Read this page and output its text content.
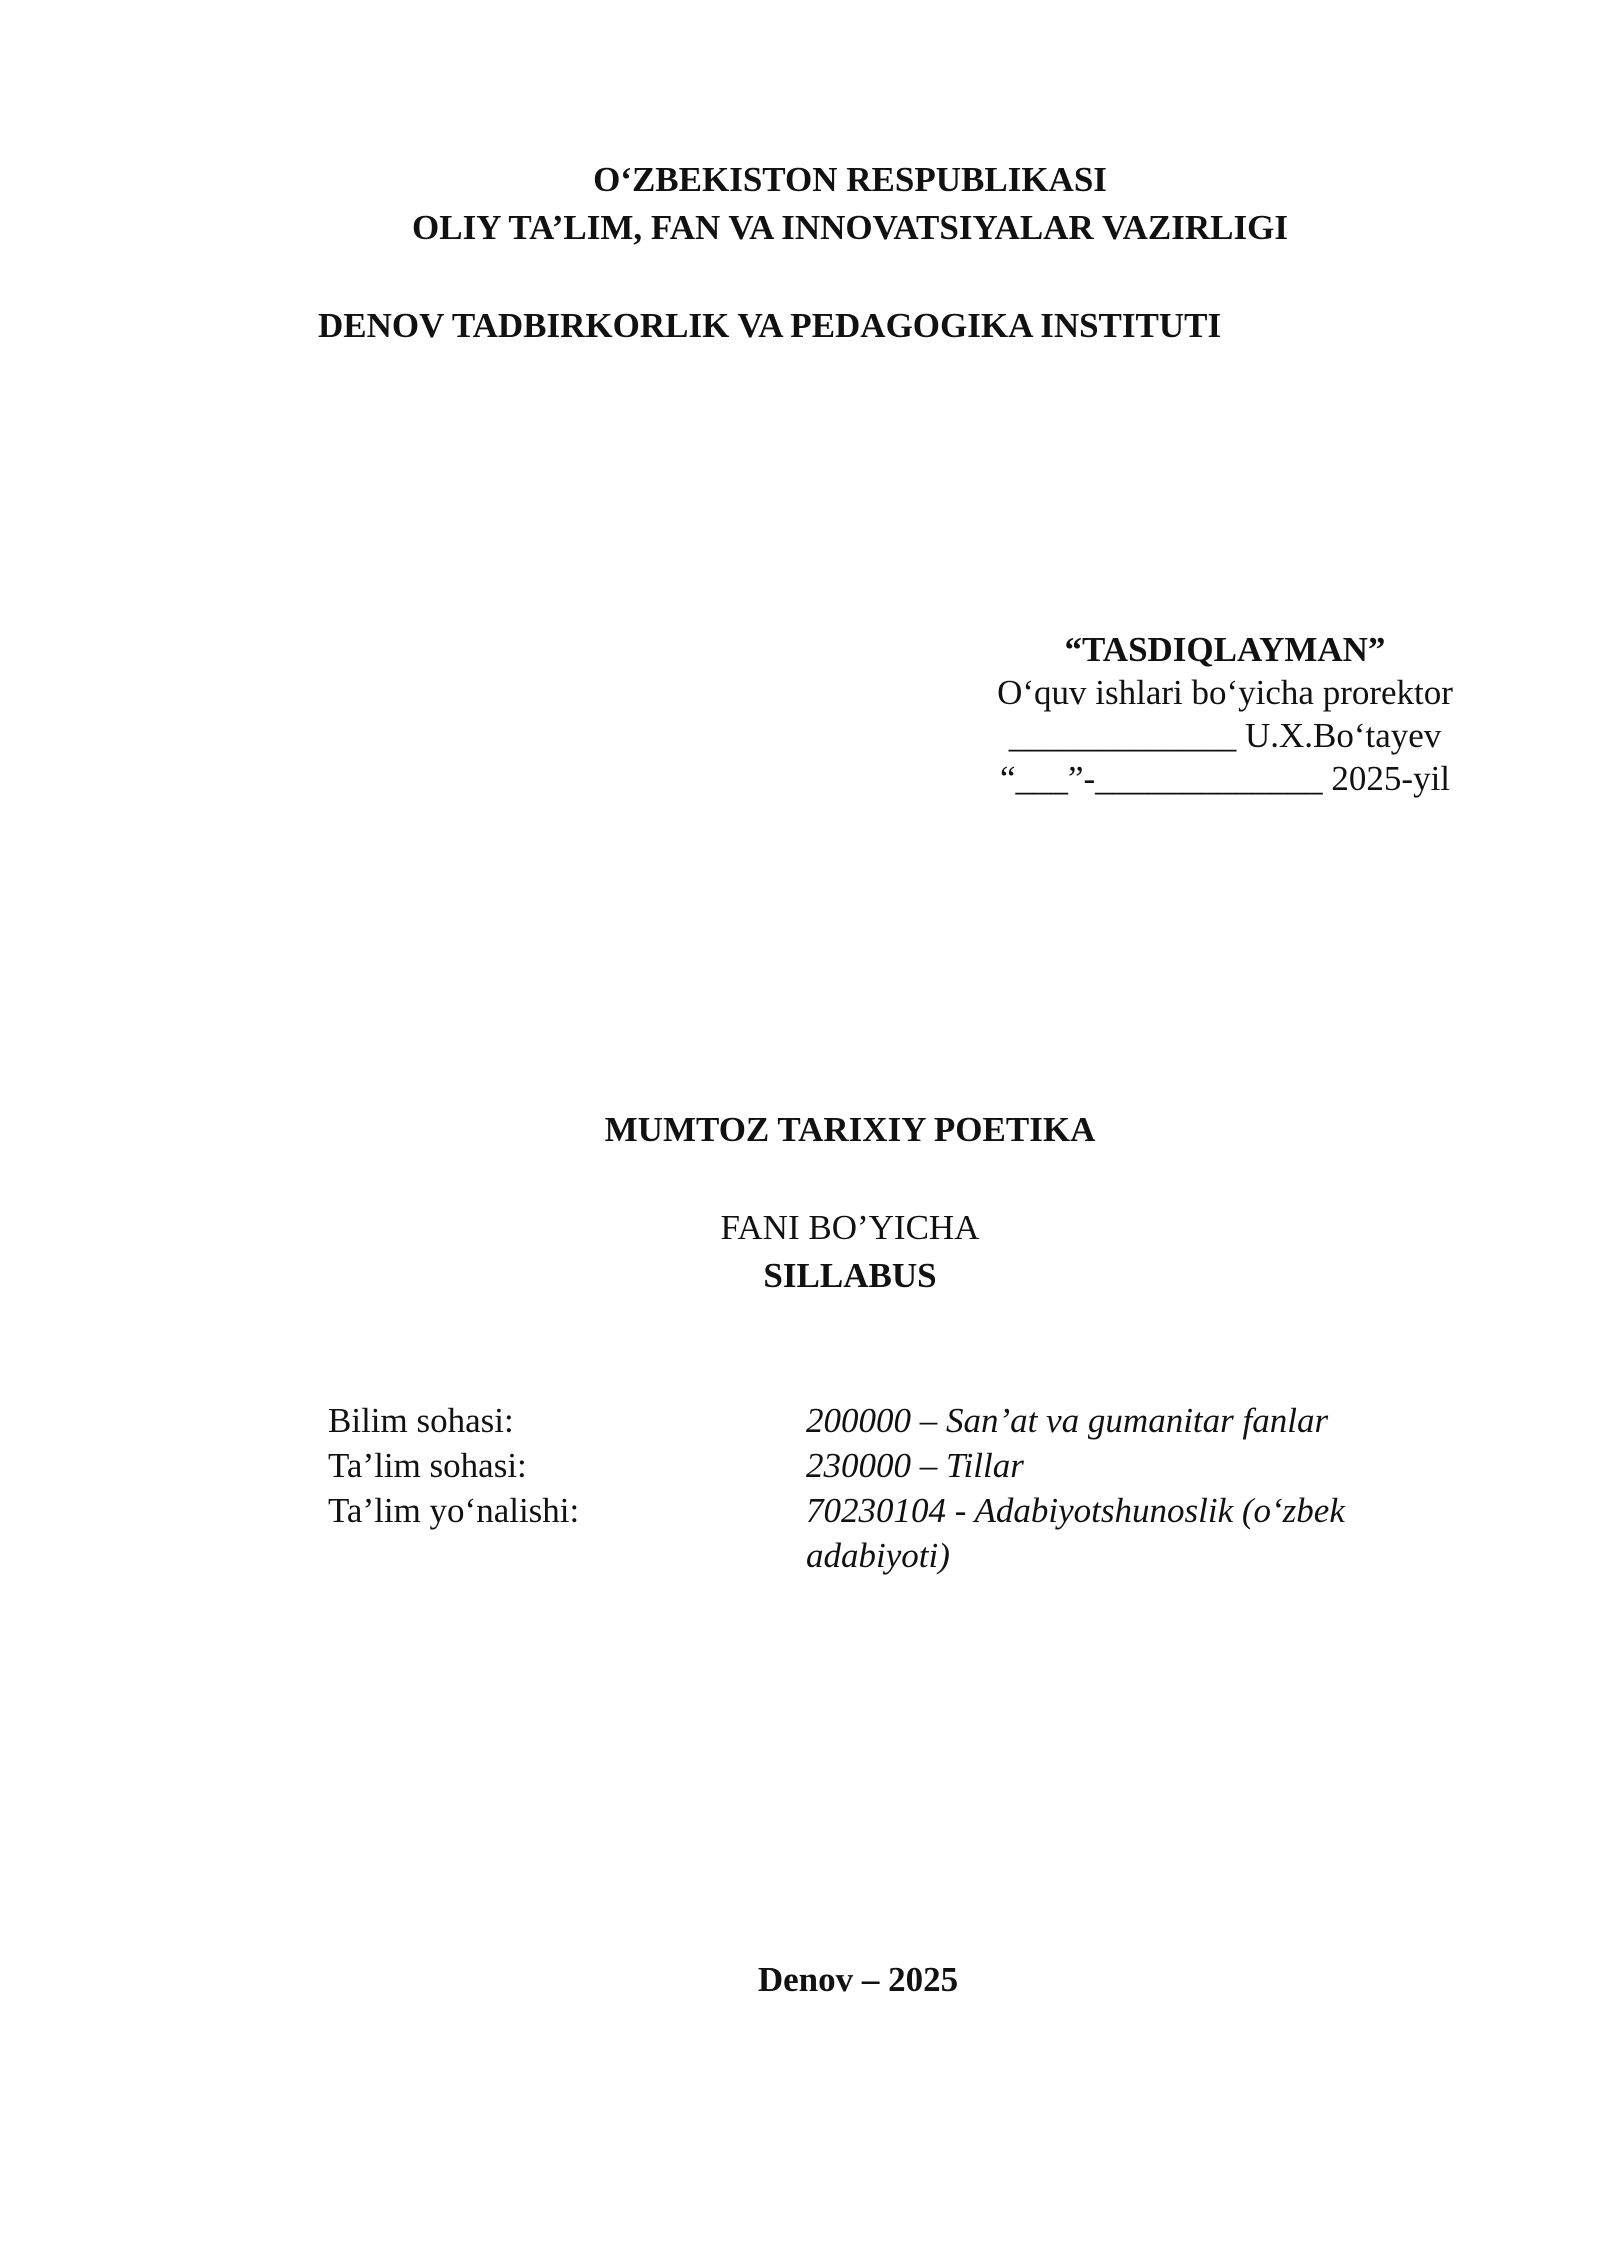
O‘ZBEKISTON RESPUBLIKASI
OLIY TA’LIM, FAN VA INNOVATSIYALAR VAZIRLIGI
DENOV TADBIRKORLIK VA PEDAGOGIKA INSTITUTI
“TASDIQLAYMAN”
O‘quv ishlari bo‘yicha prorektor
_____________ U.X.Bo‘tayev
“___”-_____________ 2025-yil
MUMTOZ TARIXIY POETIKA
FANI BO’YICHA
SILLABUS
Bilim sohasi:	200000 – San’at va gumanitar fanlar
Ta’lim sohasi:	230000 – Tillar
Ta’lim yo‘nalishi:	70230104 - Adabiyotshunoslik (o‘zbek adabiyoti)
Denov – 2025
